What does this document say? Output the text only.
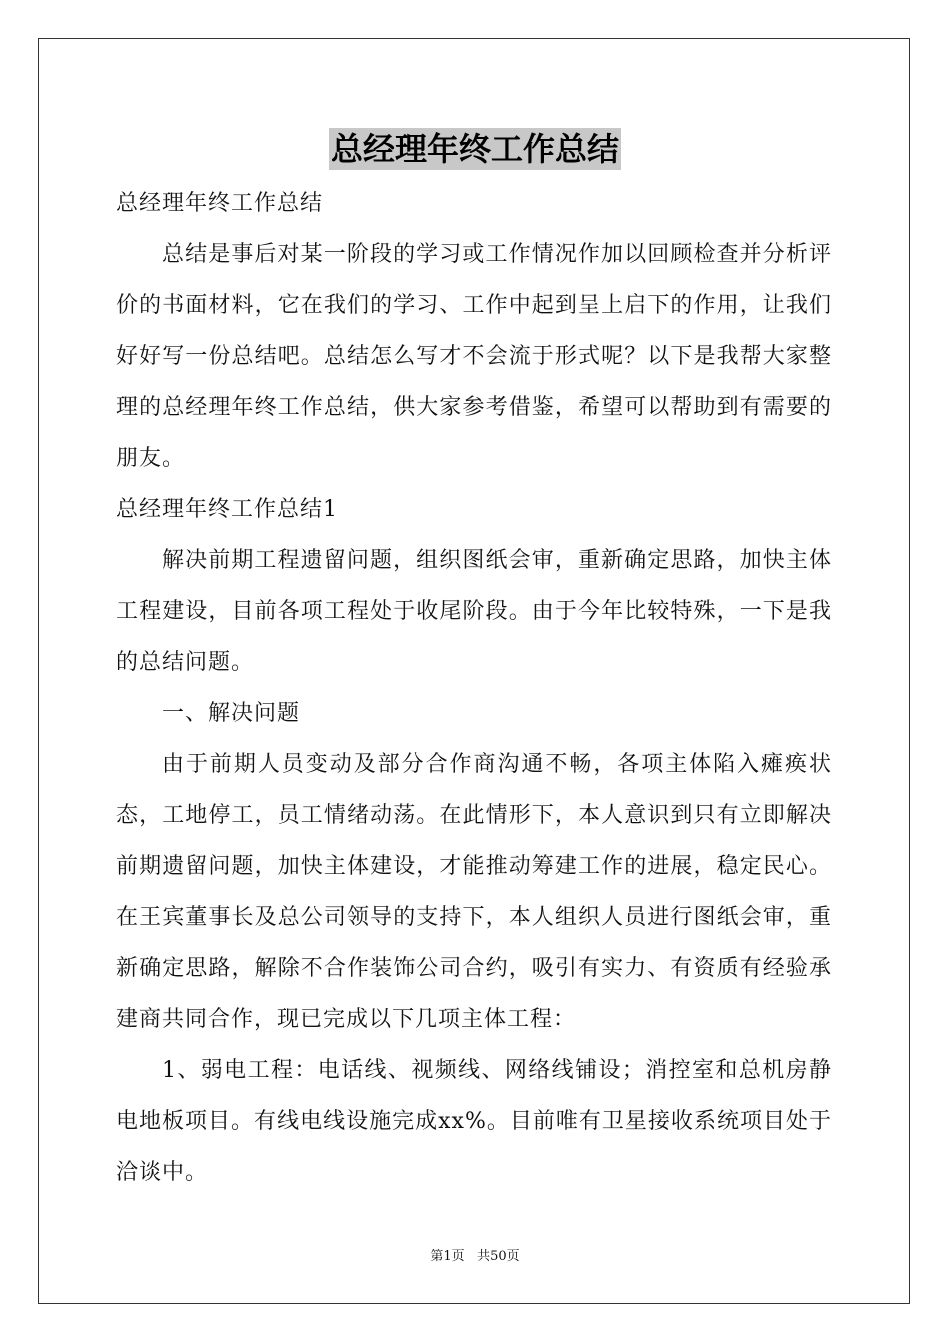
总经理年终工作总结

总经理年终工作总结

总结是事后对某一阶段的学习或工作情况作加以回顾检查并分析评价的书面材料，它在我们的学习、工作中起到呈上启下的作用，让我们好好写一份总结吧。总结怎么写才不会流于形式呢？以下是我帮大家整理的总经理年终工作总结，供大家参考借鉴，希望可以帮助到有需要的朋友。

总经理年终工作总结1

解决前期工程遗留问题，组织图纸会审，重新确定思路，加快主体工程建设，目前各项工程处于收尾阶段。由于今年比较特殊，一下是我的总结问题。

一、解决问题

由于前期人员变动及部分合作商沟通不畅，各项主体陷入瘫痪状态，工地停工，员工情绪动荡。在此情形下，本人意识到只有立即解决前期遗留问题，加快主体建设，才能推动筹建工作的进展，稳定民心。在王宾董事长及总公司领导的支持下，本人组织人员进行图纸会审，重新确定思路，解除不合作装饰公司合约，吸引有实力、有资质有经验承建商共同合作，现已完成以下几项主体工程：

1、弱电工程：电话线、视频线、网络线铺设；消控室和总机房静电地板项目。有线电线设施完成xx%。目前唯有卫星接收系统项目处于洽谈中。

第1页 共50页
